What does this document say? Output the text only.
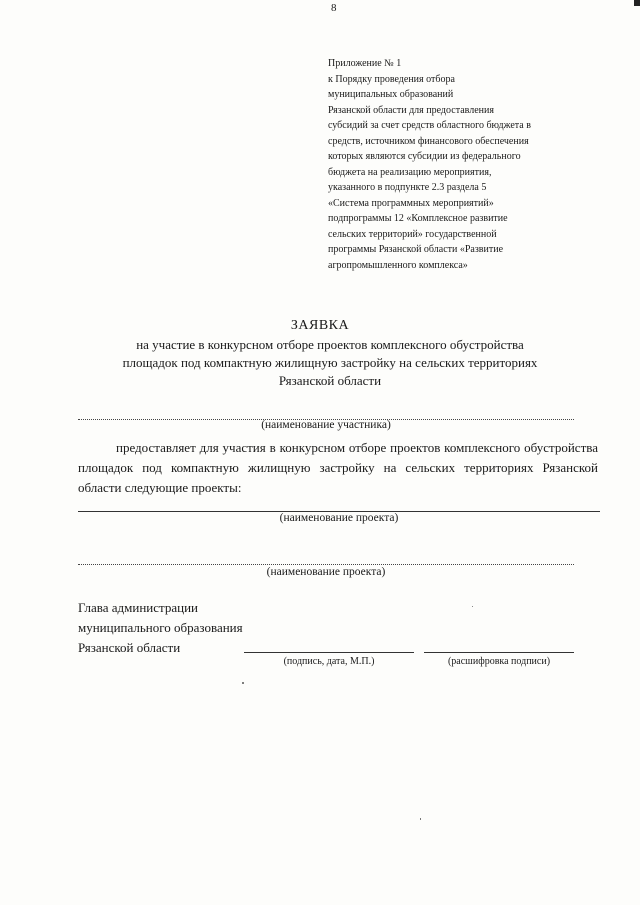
8
Приложение № 1
к Порядку проведения отбора
муниципальных образований
Рязанской области для предоставления
субсидий за счет средств областного бюджета в
средств, источником финансового обеспечения
которых являются субсидии из федерального
бюджета на реализацию мероприятия,
указанного в подпункте 2.3 раздела 5
«Система программных мероприятий»
подпрограммы 12 «Комплексное развитие
сельских территорий» государственной
программы Рязанской области «Развитие
агропромышленного комплекса»
ЗАЯВКА
на участие в конкурсном отборе проектов комплексного обустройства
площадок под компактную жилищную застройку на сельских территориях
Рязанской области
(наименование участника)
предоставляет для участия в конкурсном отборе проектов комплексного обустройства площадок под компактную жилищную застройку на сельских территориях Рязанской области следующие проекты:
(наименование проекта)
(наименование проекта)
Глава администрации
муниципального образования
Рязанской области
(подпись, дата, М.П.)	(расшифровка подписи)
